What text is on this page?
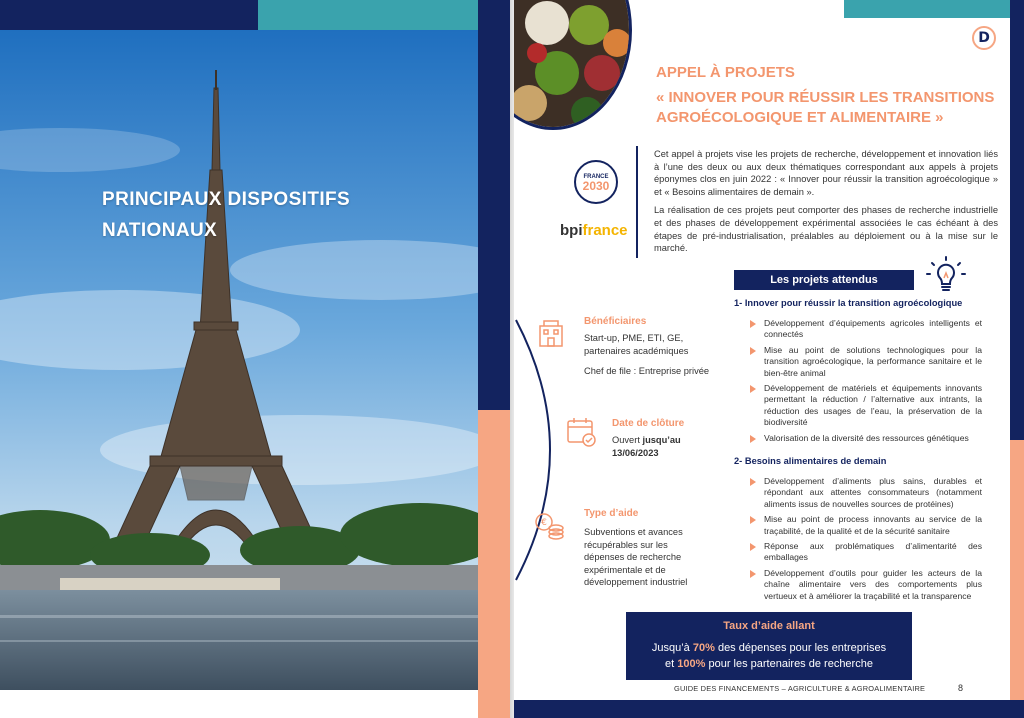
PRINCIPAUX DISPOSITIFS
NATIONAUX
D
APPEL À PROJETS
« INNOVER POUR RÉUSSIR LES TRANSITIONS
AGROÉCOLOGIQUE ET ALIMENTAIRE »
FRANCE
2030
bpifrance

Cet appel à projets vise les projets de recherche, développement et innovation liés à l’une des deux ou aux deux thématiques correspondant aux appels à projets éponymes clos en juin 2022 : « Innover pour réussir la transition agroécologique » et « Besoins alimentaires de demain ».

La réalisation de ces projets peut comporter des phases de recherche industrielle et des phases de développement expérimental associées le cas échéant à des étapes de pré-industrialisation, préalables au déploiement ou à la mise sur le marché.

Les projets attendus
1- Innover pour réussir la transition agroécologique
Développement d’équipements agricoles intelligents et connectés
Mise au point de solutions technologiques pour la transition agroécologique, la performance sanitaire et le bien-être animal
Développement de matériels et équipements innovants permettant la réduction / l’alternative aux intrants, la réduction des usages de l’eau, la préservation de la biodiversité
Valorisation de la diversité des ressources génétiques
2- Besoins alimentaires de demain
Développement d’aliments plus sains, durables et répondant aux attentes consommateurs (notamment aliments issus de nouvelles sources de protéines)
Mise au point de process innovants au service de la traçabilité, de la qualité et de la sécurité sanitaire
Réponse aux problématiques d’alimentarité des emballages
Développement d’outils pour guider les acteurs de la chaîne alimentaire vers des comportements plus vertueux et à améliorer la traçabilité et la transparence
Bénéficiaires
Start-up, PME, ETI, GE,
partenaires académiques
Chef de file : Entreprise privée
Date de clôture
Ouvert jusqu’au
13/06/2023
€
Type d’aide
Subventions et avances récupérables sur les dépenses de recherche expérimentale et de développement industriel
Taux d’aide allant
Jusqu’à 70% des dépenses pour les entreprises
et 100% pour les partenaires de recherche
GUIDE DES FINANCEMENTS – AGRICULTURE & AGROALIMENTAIRE	8
